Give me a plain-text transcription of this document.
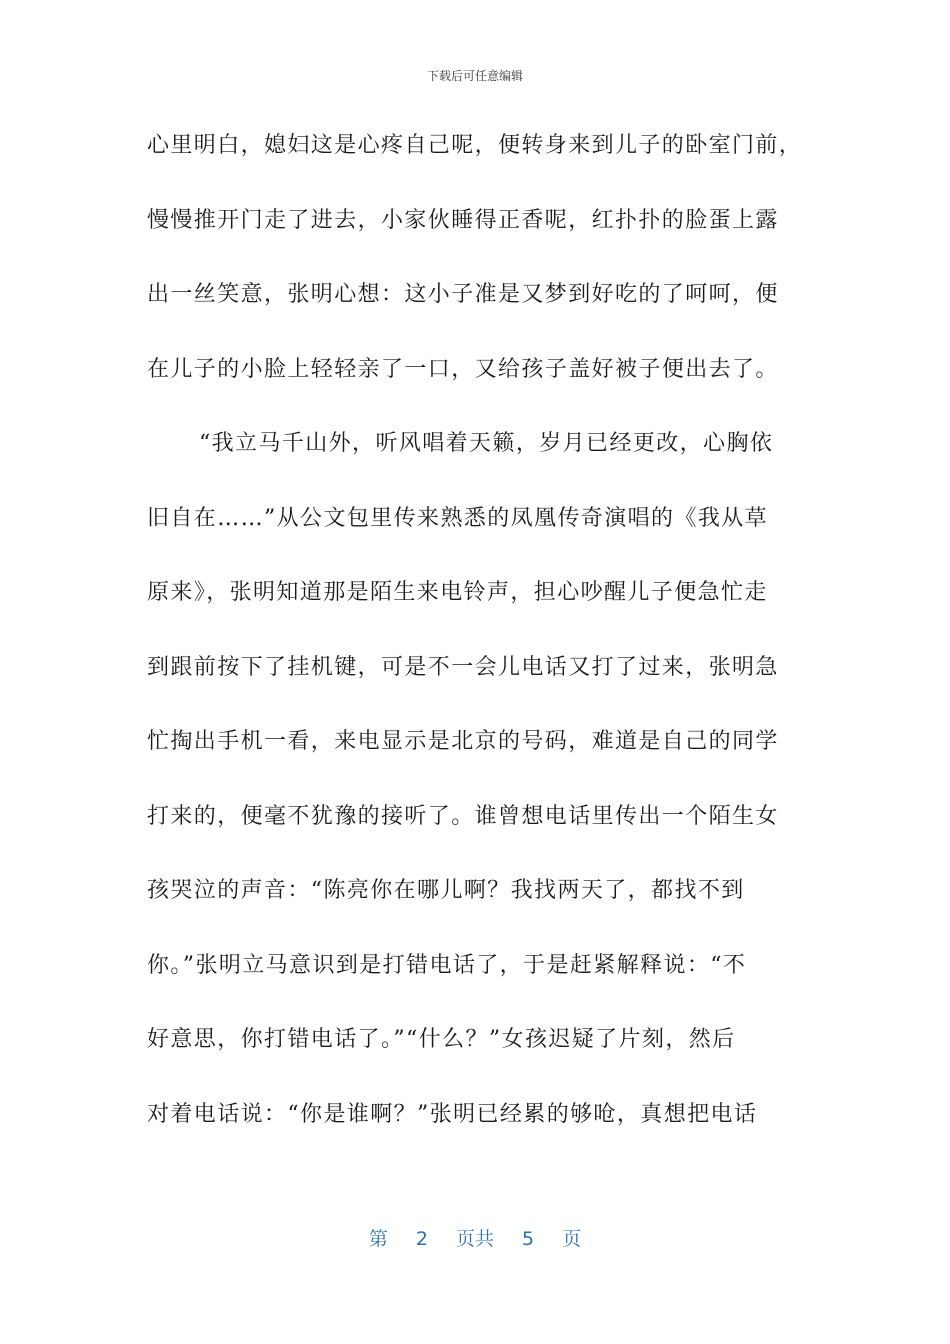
下载后可任意编辑
心里明白，媳妇这是心疼自己呢，便转身来到儿子的卧室门前，
慢慢推开门走了进去，小家伙睡得正香呢，红扑扑的脸蛋上露
出一丝笑意，张明心想：这小子准是又梦到好吃的了呵呵，便
在儿子的小脸上轻轻亲了一口，又给孩子盖好被子便出去了。
“我立马千山外，听风唱着天籁，岁月已经更改，心胸依
旧自在……”从公文包里传来熟悉的凤凰传奇演唱的《我从草
原来》，张明知道那是陌生来电铃声，担心吵醒儿子便急忙走
到跟前按下了挂机键，可是不一会儿电话又打了过来，张明急
忙掏出手机一看，来电显示是北京的号码，难道是自己的同学
打来的，便毫不犹豫的接听了。谁曾想电话里传出一个陌生女
孩哭泣的声音：“陈亮你在哪儿啊？我找两天了，都找不到
你。”张明立马意识到是打错电话了，于是赶紧解释说：“不
好意思，你打错电话了。”“什么？”女孩迟疑了片刻，然后
对着电话说：“你是谁啊？”张明已经累的够呛，真想把电话
第 2 页共 5 页
